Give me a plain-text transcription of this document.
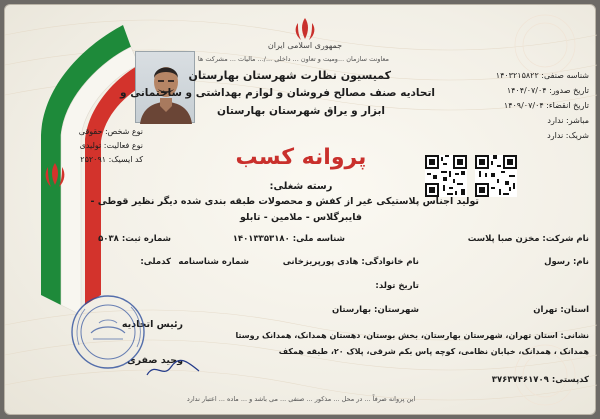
جمهوری اسلامی ایران
معاونت سازمان ...ومیت و تعاون ... داخلی .../... مالیات ... مشرکت ها
کمیسیون نظارت شهرستان بهارستان
اتحادیه صنف مصالح فروشان و لوازم بهداشتی و ساختمانی و
ابزار و یراق شهرستان بهارستان
شناسه صنفی: ۱۴۰۳۲۱۵۸۲۲
تاریخ صدور: ۱۴۰۴/۰۷/۰۴
تاریخ انقضاء: ۱۴۰۹/۰۷/۰۴
مباشر: ندارد
شریک: ندارد
نوع شخص: حقوقی
نوع فعالیت: تولیدی
کد ایسیک: ۲۵۲۰۹۱	پروانه کسب
رسته شغلی:
تولید اجناس پلاستیکی غیر از کفش و محصولات طبقه بندی شده دیگر نظیر قوطی -
فایبرگلاس - ملامین - تابلو
نام شرکت: مخزن صبا پلاست
شناسه ملی: ۱۴۰۱۳۳۵۳۱۸۰
شماره ثبت: ۵۰۳۸
نام: رسول
نام خانوادگی: هادی پورپریزخانی
شماره شناسنامه
کدملی:
تاریخ تولد:
استان: تهران
شهرستان: بهارستان
نشانی: استان تهران، شهرستان بهارستان، بخش بوستان، دهستان همدانک، همدانک روستا
همدانک ، همدانک، خیابان نظامی، کوچه پاس بکم شرقی، پلاک ۲۰، طبقه همکف
کدپستی: ۳۷۶۳۷۴۶۱۷۰۹
رئیس اتحادیه
وحید صفری
این پروانه صرفاً ... در محل ... مذکور ... صنفی ... می باشد و ... ماده ... اعتبار ندارد
